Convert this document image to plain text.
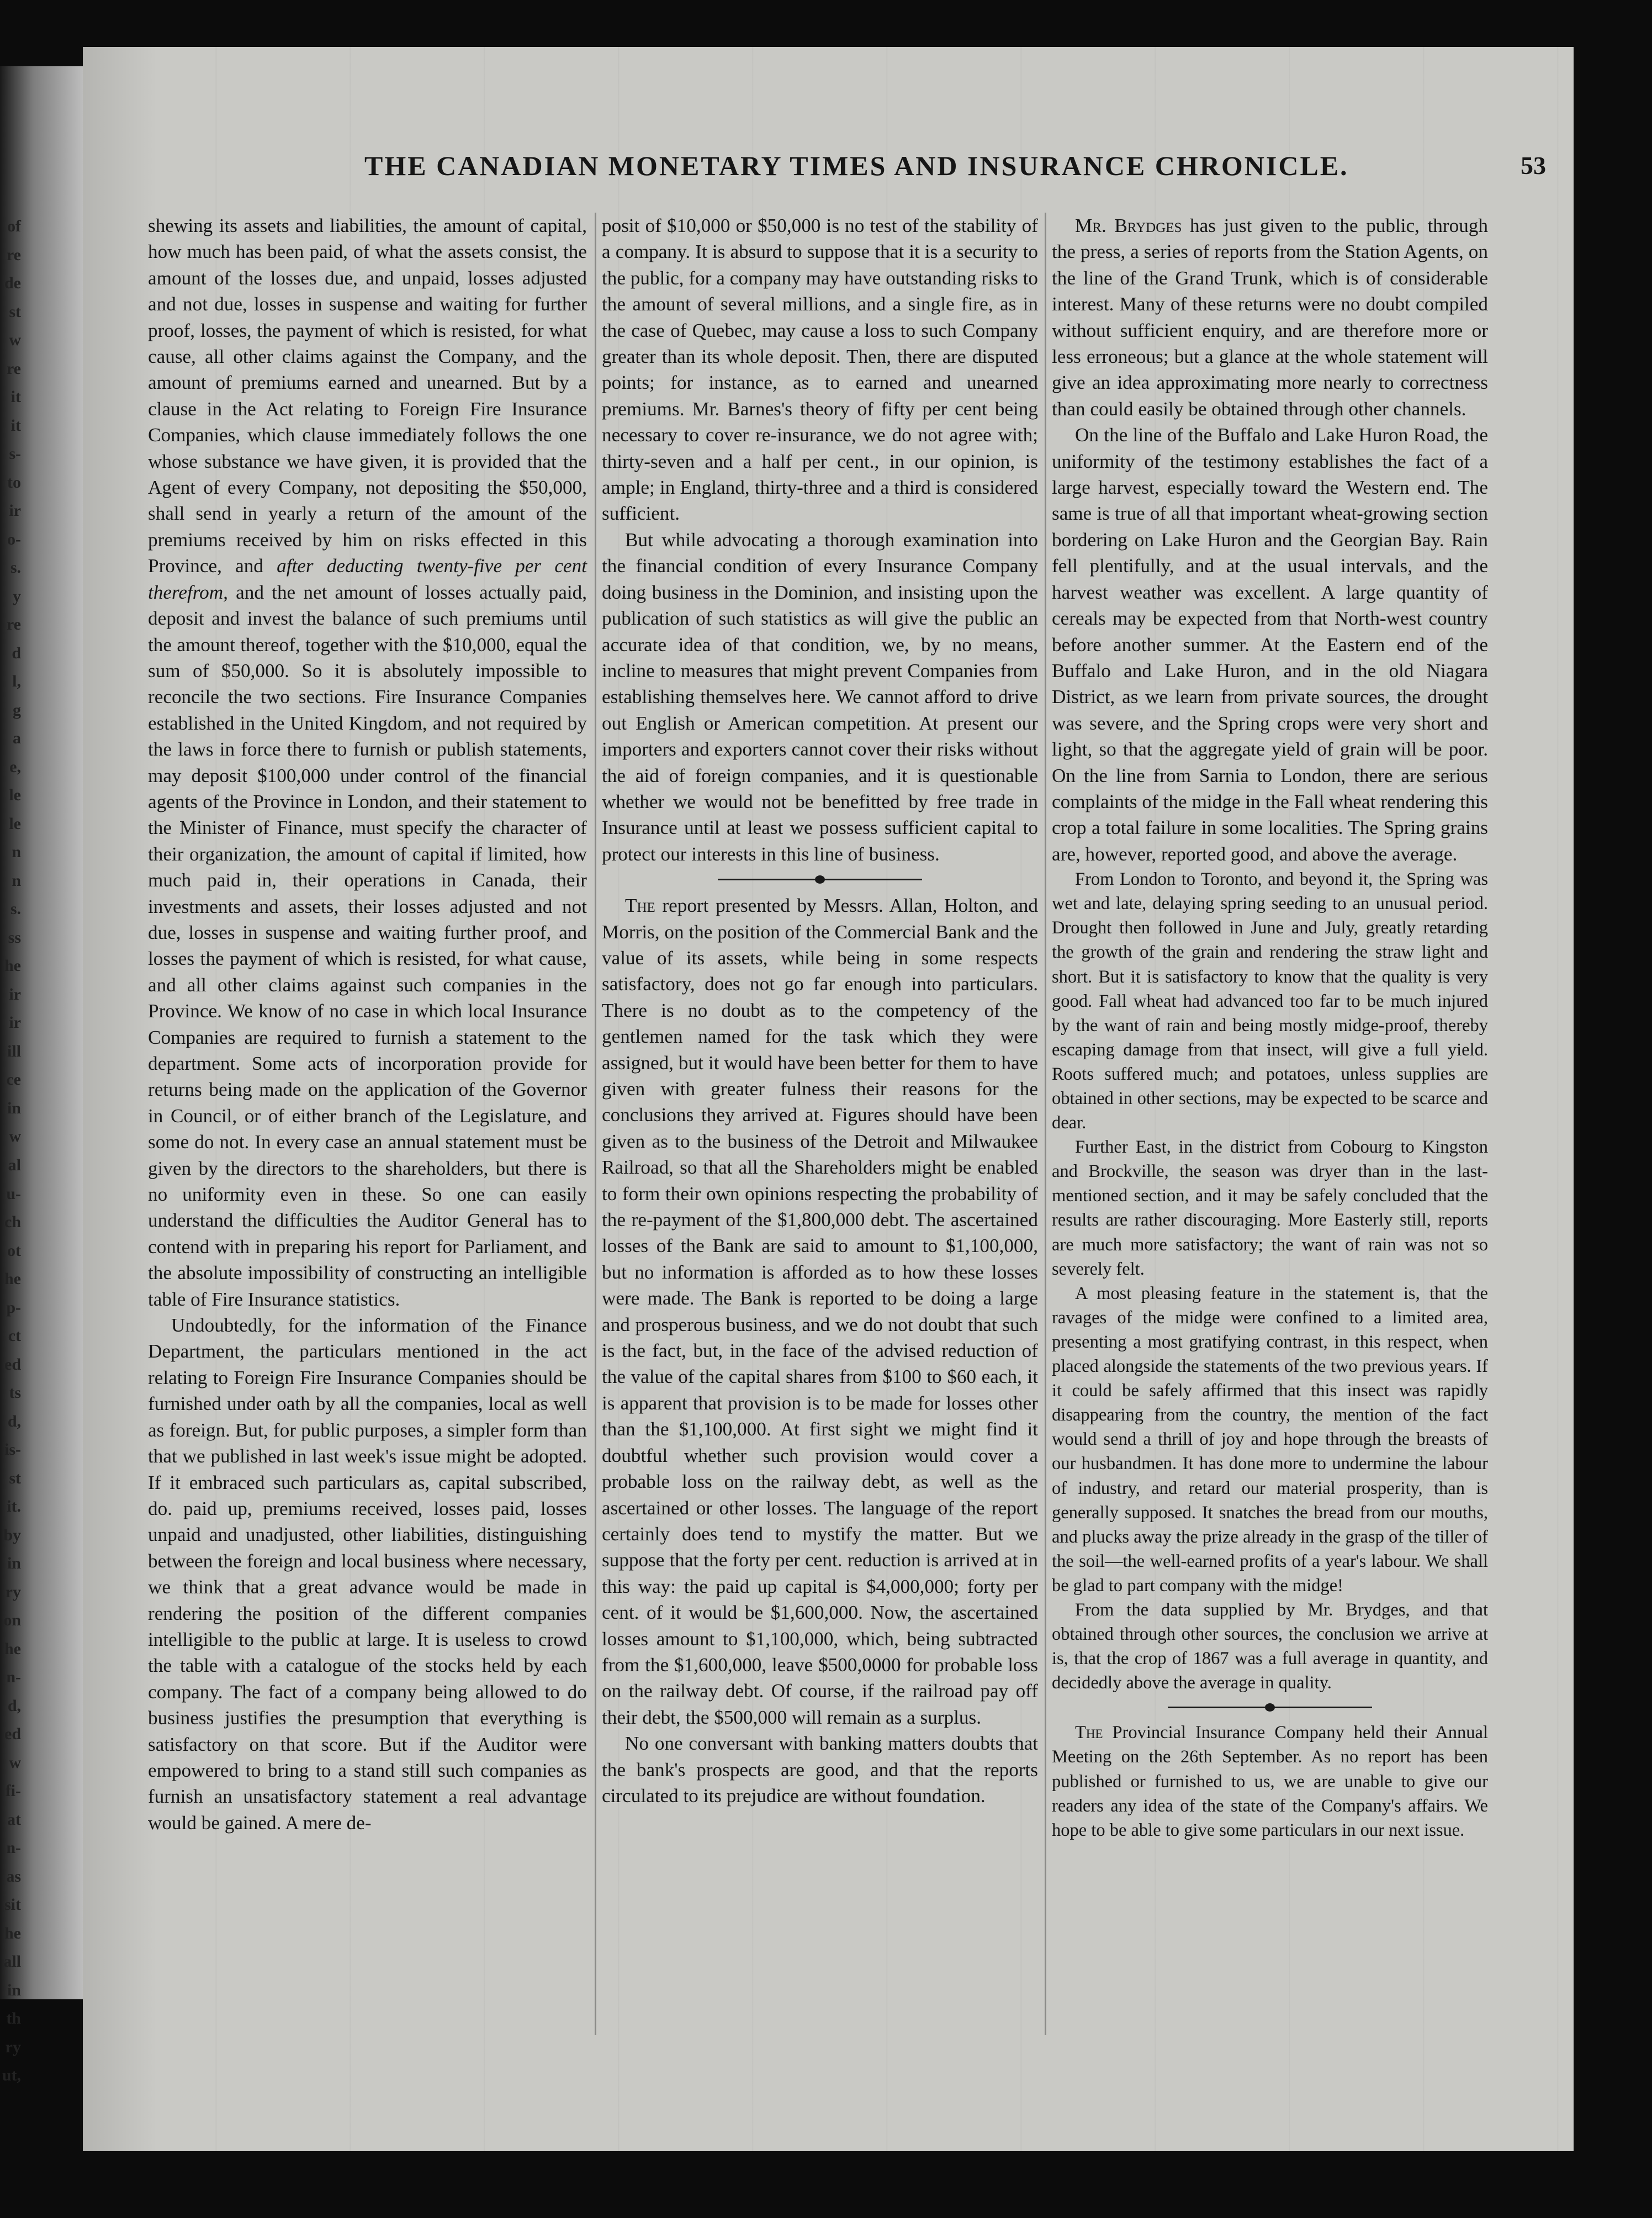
of
re
de
st
w
re
it
it
s-
to
ir
o-
s.
y
re
d
l,
g
a
e,
le
le
n
n
s.
ss
he
ir
ir
ill
ce
in
w
al
u-
ch
ot
he
p-
ct
ed
ts
d,
is-
st
it.
by
in
ry
on
he
n-
d,
ed
w
fi-
at
n-
as
sit
he
all
in
th
ry
ut,
THE CANADIAN MONETARY TIMES AND INSURANCE CHRONICLE.	53

shewing its assets and liabilities, the amount of capital, how much has been paid, of what the assets consist, the amount of the losses due, and unpaid, losses adjusted and not due, losses in suspense and waiting for further proof, losses, the payment of which is resisted, for what cause, all other claims against the Company, and the amount of premiums earned and unearned. But by a clause in the Act relating to Foreign Fire Insurance Companies, which clause immediately follows the one whose substance we have given, it is provided that the Agent of every Company, not depositing the $50,000, shall send in yearly a return of the amount of the premiums received by him on risks effected in this Province, and after deducting twenty-five per cent therefrom, and the net amount of losses actually paid, deposit and invest the balance of such premiums until the amount thereof, together with the $10,000, equal the sum of $50,000. So it is absolutely impossible to reconcile the two sections. Fire Insurance Companies established in the United Kingdom, and not required by the laws in force there to furnish or publish statements, may deposit $100,000 under control of the financial agents of the Province in London, and their statement to the Minister of Finance, must specify the character of their organization, the amount of capital if limited, how much paid in, their operations in Canada, their investments and assets, their losses adjusted and not due, losses in suspense and waiting further proof, and losses the payment of which is resisted, for what cause, and all other claims against such companies in the Province. We know of no case in which local Insurance Companies are required to furnish a statement to the department. Some acts of incorporation provide for returns being made on the application of the Governor in Council, or of either branch of the Legislature, and some do not. In every case an annual statement must be given by the directors to the shareholders, but there is no uniformity even in these. So one can easily understand the difficulties the Auditor General has to contend with in preparing his report for Parliament, and the absolute impossibility of constructing an intelligible table of Fire Insurance statistics.

Undoubtedly, for the information of the Finance Department, the particulars mentioned in the act relating to Foreign Fire Insurance Companies should be furnished under oath by all the companies, local as well as foreign. But, for public purposes, a simpler form than that we published in last week's issue might be adopted. If it embraced such particulars as, capital subscribed, do. paid up, premiums received, losses paid, losses unpaid and unadjusted, other liabilities, distinguishing between the foreign and local business where necessary, we think that a great advance would be made in rendering the position of the different companies intelligible to the public at large. It is useless to crowd the table with a catalogue of the stocks held by each company. The fact of a company being allowed to do business justifies the presumption that everything is satisfactory on that score. But if the Auditor were empowered to bring to a stand still such companies as furnish an unsatisfactory statement a real advantage would be gained. A mere de-

posit of $10,000 or $50,000 is no test of the stability of a company. It is absurd to suppose that it is a security to the public, for a company may have outstanding risks to the amount of several millions, and a single fire, as in the case of Quebec, may cause a loss to such Company greater than its whole deposit. Then, there are disputed points; for instance, as to earned and unearned premiums. Mr. Barnes's theory of fifty per cent being necessary to cover re-insurance, we do not agree with; thirty-seven and a half per cent., in our opinion, is ample; in England, thirty-three and a third is considered sufficient.

But while advocating a thorough examination into the financial condition of every Insurance Company doing business in the Dominion, and insisting upon the publication of such statistics as will give the public an accurate idea of that condition, we, by no means, incline to measures that might prevent Companies from establishing themselves here. We cannot afford to drive out English or American competition. At present our importers and exporters cannot cover their risks without the aid of foreign companies, and it is questionable whether we would not be benefitted by free trade in Insurance until at least we possess sufficient capital to protect our interests in this line of business.

The report presented by Messrs. Allan, Holton, and Morris, on the position of the Commercial Bank and the value of its assets, while being in some respects satisfactory, does not go far enough into particulars. There is no doubt as to the competency of the gentlemen named for the task which they were assigned, but it would have been better for them to have given with greater fulness their reasons for the conclusions they arrived at. Figures should have been given as to the business of the Detroit and Milwaukee Railroad, so that all the Shareholders might be enabled to form their own opinions respecting the probability of the re-payment of the $1,800,000 debt. The ascertained losses of the Bank are said to amount to $1,100,000, but no information is afforded as to how these losses were made. The Bank is reported to be doing a large and prosperous business, and we do not doubt that such is the fact, but, in the face of the advised reduction of the value of the capital shares from $100 to $60 each, it is apparent that provision is to be made for losses other than the $1,100,000. At first sight we might find it doubtful whether such provision would cover a probable loss on the railway debt, as well as the ascertained or other losses. The language of the report certainly does tend to mystify the matter. But we suppose that the forty per cent. reduction is arrived at in this way: the paid up capital is $4,000,000; forty per cent. of it would be $1,600,000. Now, the ascertained losses amount to $1,100,000, which, being subtracted from the $1,600,000, leave $500,0000 for probable loss on the railway debt. Of course, if the railroad pay off their debt, the $500,000 will remain as a surplus.

No one conversant with banking matters doubts that the bank's prospects are good, and that the reports circulated to its prejudice are without foundation.

Mr. Brydges has just given to the public, through the press, a series of reports from the Station Agents, on the line of the Grand Trunk, which is of considerable interest. Many of these returns were no doubt compiled without sufficient enquiry, and are therefore more or less erroneous; but a glance at the whole statement will give an idea approximating more nearly to correctness than could easily be obtained through other channels.

On the line of the Buffalo and Lake Huron Road, the uniformity of the testimony establishes the fact of a large harvest, especially toward the Western end. The same is true of all that important wheat-growing section bordering on Lake Huron and the Georgian Bay. Rain fell plentifully, and at the usual intervals, and the harvest weather was excellent. A large quantity of cereals may be expected from that North-west country before another summer. At the Eastern end of the Buffalo and Lake Huron, and in the old Niagara District, as we learn from private sources, the drought was severe, and the Spring crops were very short and light, so that the aggregate yield of grain will be poor. On the line from Sarnia to London, there are serious complaints of the midge in the Fall wheat rendering this crop a total failure in some localities. The Spring grains are, however, reported good, and above the average.

From London to Toronto, and beyond it, the Spring was wet and late, delaying spring seeding to an unusual period. Drought then followed in June and July, greatly retarding the growth of the grain and rendering the straw light and short. But it is satisfactory to know that the quality is very good. Fall wheat had advanced too far to be much injured by the want of rain and being mostly midge-proof, thereby escaping damage from that insect, will give a full yield. Roots suffered much; and potatoes, unless supplies are obtained in other sections, may be expected to be scarce and dear.

Further East, in the district from Cobourg to Kingston and Brockville, the season was dryer than in the last-mentioned section, and it may be safely concluded that the results are rather discouraging. More Easterly still, reports are much more satisfactory; the want of rain was not so severely felt.

A most pleasing feature in the statement is, that the ravages of the midge were confined to a limited area, presenting a most gratifying contrast, in this respect, when placed alongside the statements of the two previous years. If it could be safely affirmed that this insect was rapidly disappearing from the country, the mention of the fact would send a thrill of joy and hope through the breasts of our husbandmen. It has done more to undermine the labour of industry, and retard our material prosperity, than is generally supposed. It snatches the bread from our mouths, and plucks away the prize already in the grasp of the tiller of the soil—the well-earned profits of a year's labour. We shall be glad to part company with the midge!

From the data supplied by Mr. Brydges, and that obtained through other sources, the conclusion we arrive at is, that the crop of 1867 was a full average in quantity, and decidedly above the average in quality.

The Provincial Insurance Company held their Annual Meeting on the 26th September. As no report has been published or furnished to us, we are unable to give our readers any idea of the state of the Company's affairs. We hope to be able to give some particulars in our next issue.
